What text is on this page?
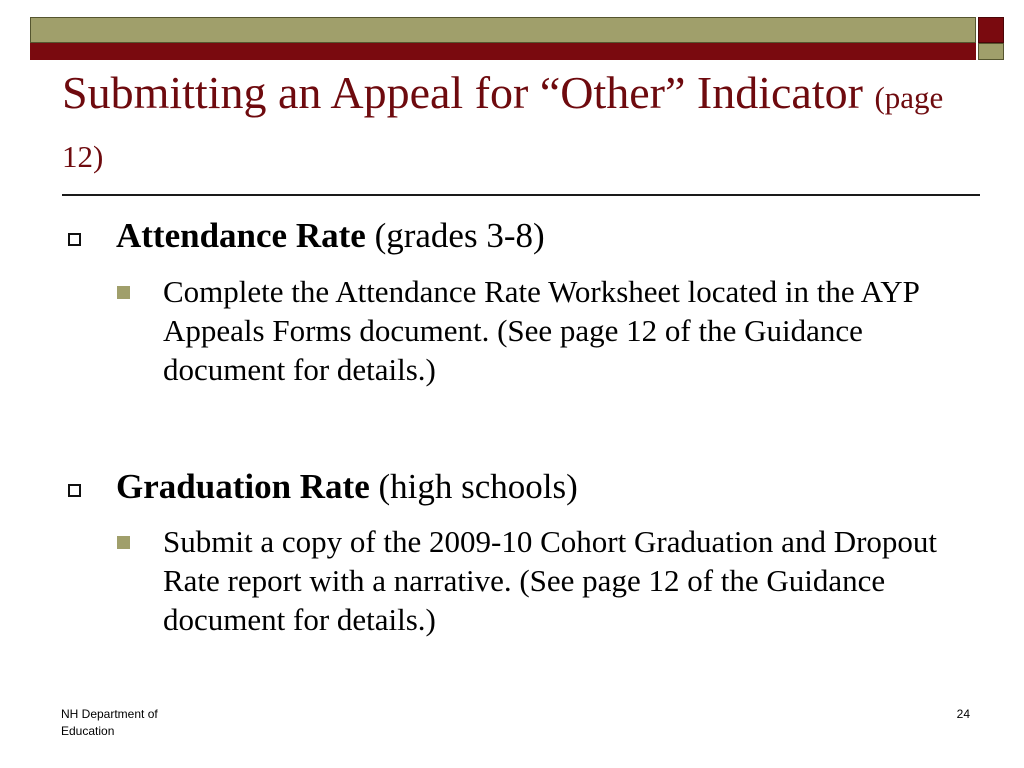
Submitting an Appeal for “Other” Indicator (page 12)

Attendance Rate (grades 3-8)

Complete the Attendance Rate Worksheet located in the AYP Appeals Forms document. (See page 12 of the Guidance document for details.)

Graduation Rate (high schools)

Submit a copy of the 2009-10 Cohort Graduation and Dropout Rate report with a narrative. (See page 12 of the Guidance document for details.)

NH Department of Education
24
